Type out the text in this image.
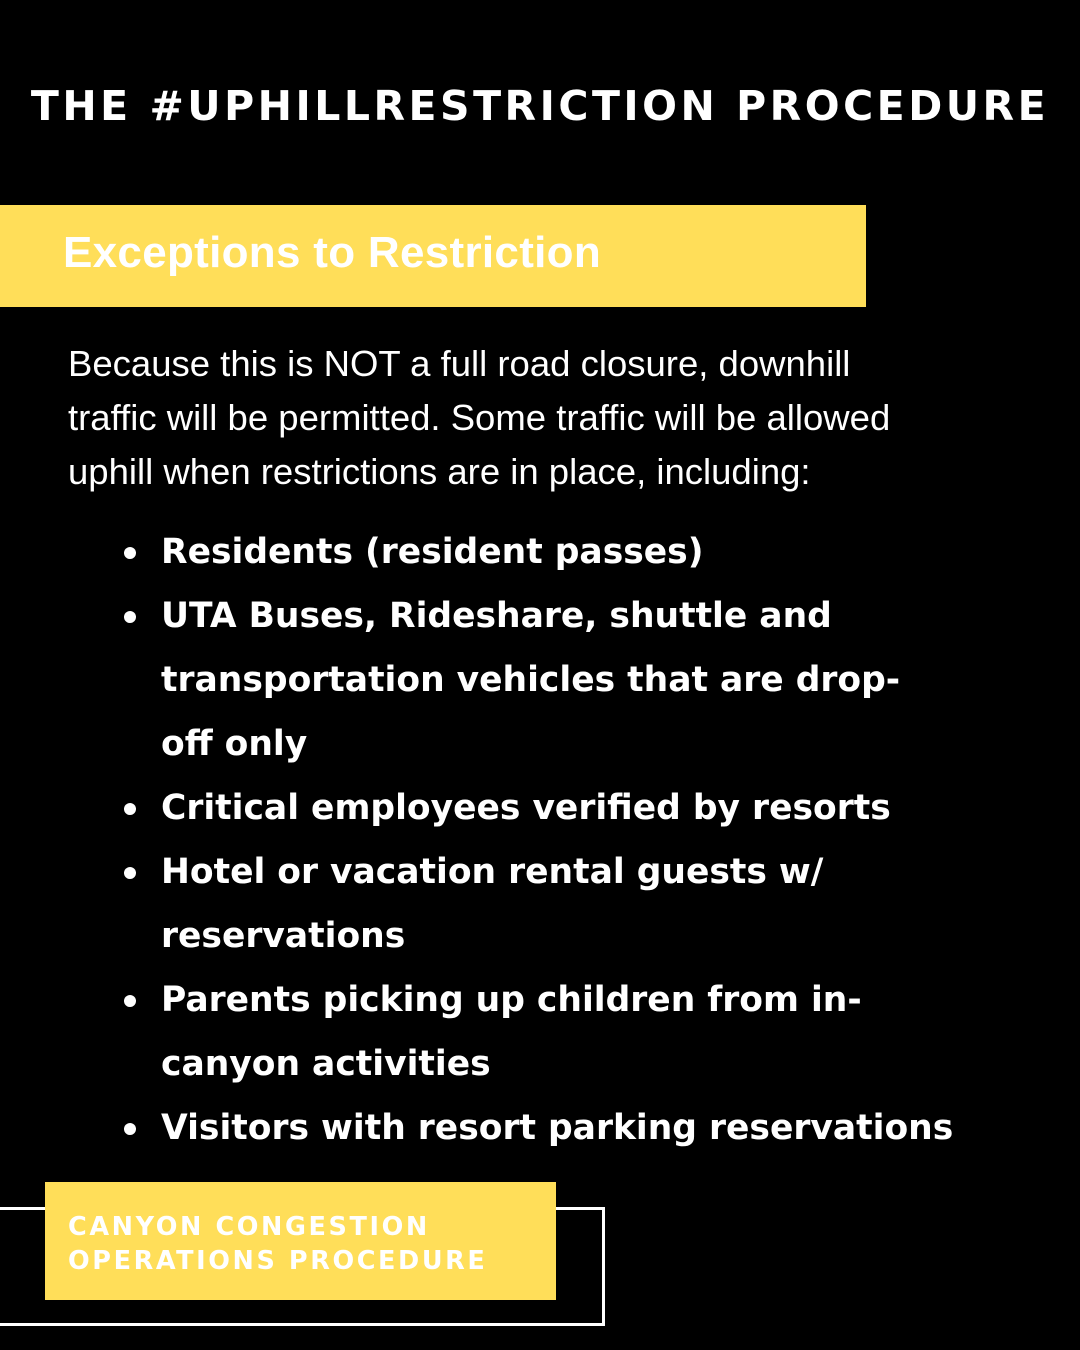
THE #UPHILLRESTRICTION PROCEDURE
Exceptions to Restriction
Because this is NOT a full road closure, downhill
traffic will be permitted. Some traffic will be allowed
uphill when restrictions are in place, including:
Residents (resident passes)
UTA Buses, Rideshare, shuttle and
transportation vehicles that are drop-
off only
Critical employees verified by resorts
Hotel or vacation rental guests w/
reservations
Parents picking up children from in-
canyon activities
Visitors with resort parking reservations
CANYON CONGESTION
OPERATIONS PROCEDURE
